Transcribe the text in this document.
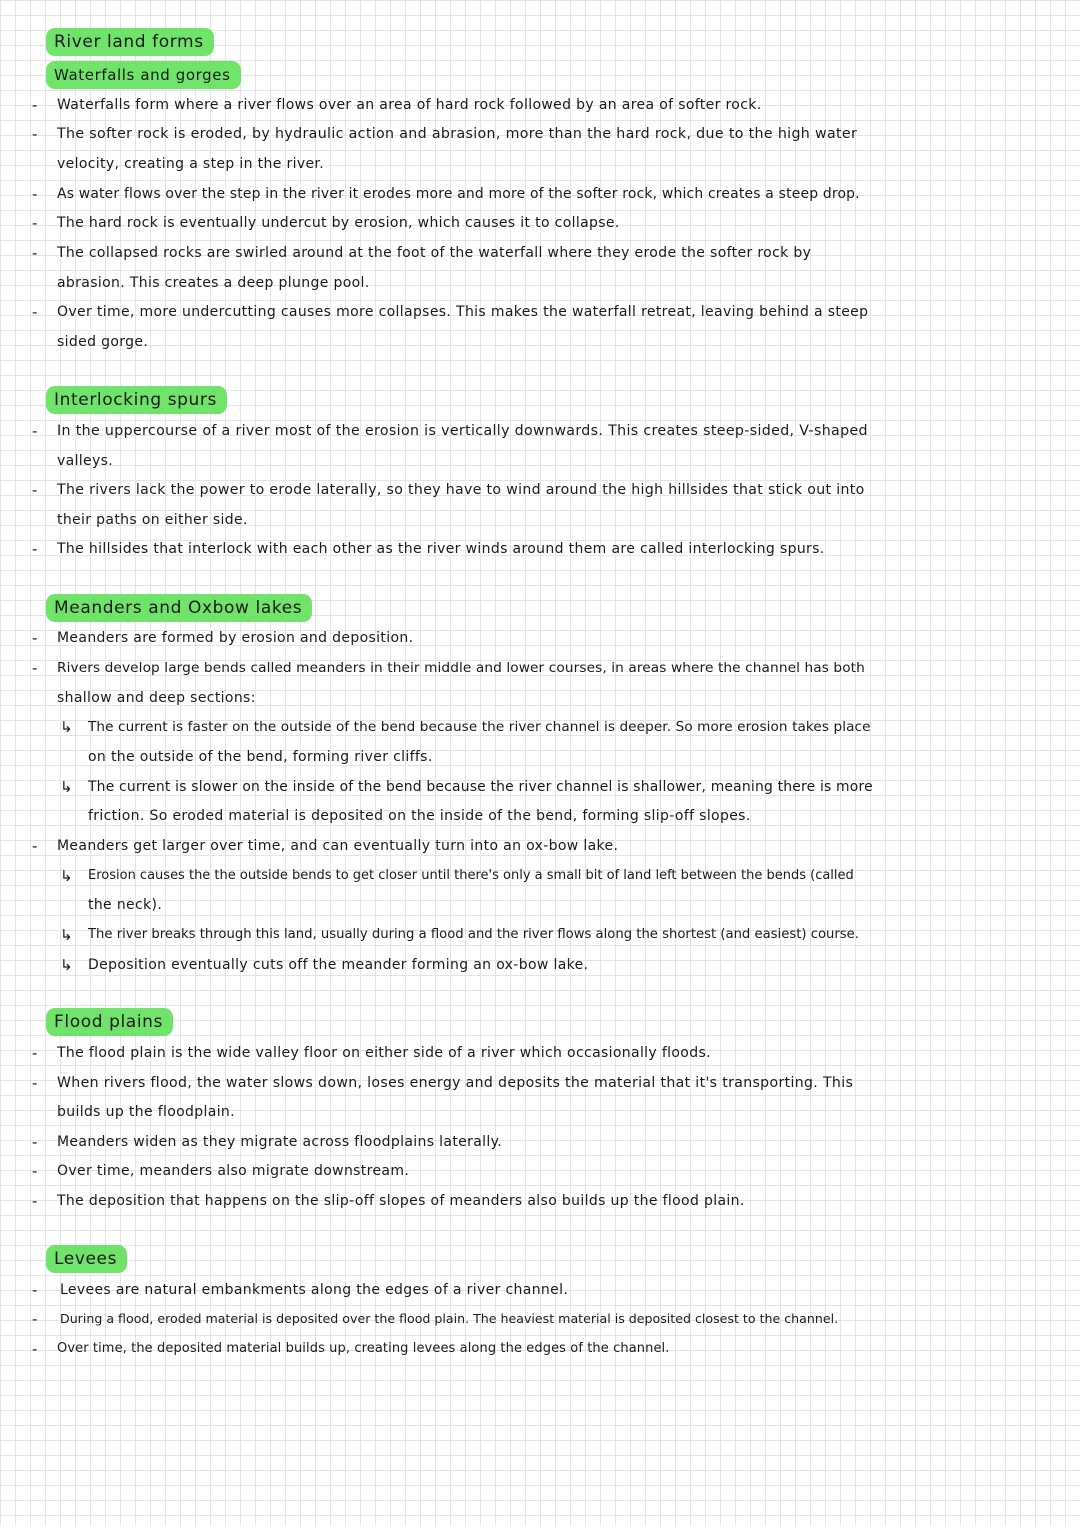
River land forms
Waterfalls and gorges
- Waterfalls form where a river flows over an area of hard rock followed by an area of softer rock.
- The softer rock is eroded, by hydraulic action and abrasion, more than the hard rock, due to the high water
velocity, creating a step in the river.
- As water flows over the step in the river it erodes more and more of the softer rock, which creates a steep drop.
- The hard rock is eventually undercut by erosion, which causes it to collapse.
- The collapsed rocks are swirled around at the foot of the waterfall where they erode the softer rock by
abrasion. This creates a deep plunge pool.
- Over time, more undercutting causes more collapses. This makes the waterfall retreat, leaving behind a steep
sided gorge.
Interlocking spurs
- In the uppercourse of a river most of the erosion is vertically downwards. This creates steep-sided, V-shaped
valleys.
- The rivers lack the power to erode laterally, so they have to wind around the high hillsides that stick out into
their paths on either side.
- The hillsides that interlock with each other as the river winds around them are called interlocking spurs.
Meanders and Oxbow lakes
- Meanders are formed by erosion and deposition.
- Rivers develop large bends called meanders in their middle and lower courses, in areas where the channel has both
shallow and deep sections:
↳ The current is faster on the outside of the bend because the river channel is deeper. So more erosion takes place
on the outside of the bend, forming river cliffs.
↳ The current is slower on the inside of the bend because the river channel is shallower, meaning there is more
friction. So eroded material is deposited on the inside of the bend, forming slip-off slopes.
- Meanders get larger over time, and can eventually turn into an ox-bow lake.
↳ Erosion causes the the outside bends to get closer until there's only a small bit of land left between the bends (called
the neck).
↳ The river breaks through this land, usually during a flood and the river flows along the shortest (and easiest) course.
↳ Deposition eventually cuts off the meander forming an ox-bow lake.
Flood plains
- The flood plain is the wide valley floor on either side of a river which occasionally floods.
- When rivers flood, the water slows down, loses energy and deposits the material that it's transporting. This
builds up the floodplain.
- Meanders widen as they migrate across floodplains laterally.
- Over time, meanders also migrate downstream.
- The deposition that happens on the slip-off slopes of meanders also builds up the flood plain.
Levees
- Levees are natural embankments along the edges of a river channel.
- During a flood, eroded material is deposited over the flood plain. The heaviest material is deposited closest to the channel.
- Over time, the deposited material builds up, creating levees along the edges of the channel.
